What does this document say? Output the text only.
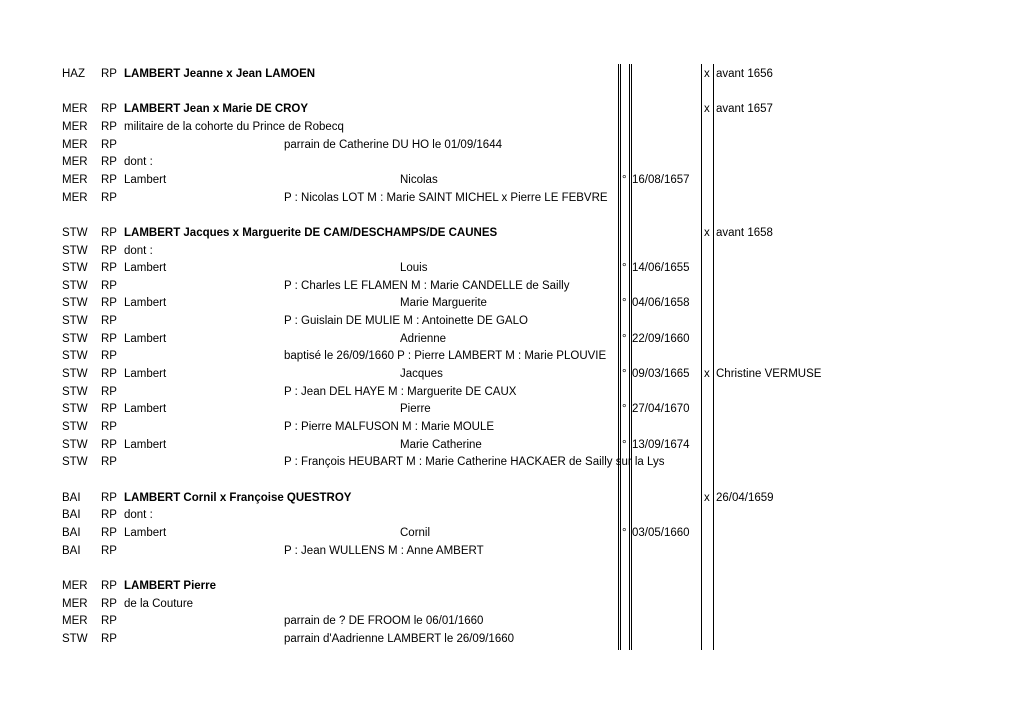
HAZ RP LAMBERT Jeanne x Jean LAMOEN	x avant 1656
MER RP LAMBERT Jean x Marie DE CROY	x avant 1657
MER RP militaire de la cohorte du Prince de Robecq
MER RP	parrain de Catherine DU HO le 01/09/1644
MER RP dont :
MER RP Lambert	Nicolas	° 16/08/1657
MER RP	P : Nicolas LOT M : Marie SAINT MICHEL x Pierre LE FEBVRE
STW RP LAMBERT Jacques x Marguerite DE CAM/DESCHAMPS/DE CAUNES	x avant 1658
STW RP dont :
STW RP Lambert	Louis	° 14/06/1655
STW RP	P : Charles LE FLAMEN M : Marie CANDELLE de Sailly
STW RP Lambert	Marie Marguerite	° 04/06/1658
STW RP	P : Guislain DE MULIE M : Antoinette DE GALO
STW RP Lambert	Adrienne	° 22/09/1660
STW RP	baptisé le 26/09/1660 P : Pierre LAMBERT M : Marie PLOUVIE
STW RP Lambert	Jacques	° 09/03/1665 x Christine VERMUSE
STW RP	P : Jean DEL HAYE M : Marguerite DE CAUX
STW RP Lambert	Pierre	° 27/04/1670
STW RP	P : Pierre MALFUSON M : Marie MOULE
STW RP Lambert	Marie Catherine	° 13/09/1674
STW RP	P : François HEUBART M : Marie Catherine HACKAER de Sailly sur la Lys
BAI RP LAMBERT Cornil x Françoise QUESTROY	x 26/04/1659
BAI RP dont :
BAI RP Lambert	Cornil	° 03/05/1660
BAI RP	P : Jean WULLENS M : Anne AMBERT
MER RP LAMBERT Pierre
MER RP de la Couture
MER RP	parrain de ? DE FROOM le 06/01/1660
STW RP	parrain d'Aadrienne LAMBERT le 26/09/1660
